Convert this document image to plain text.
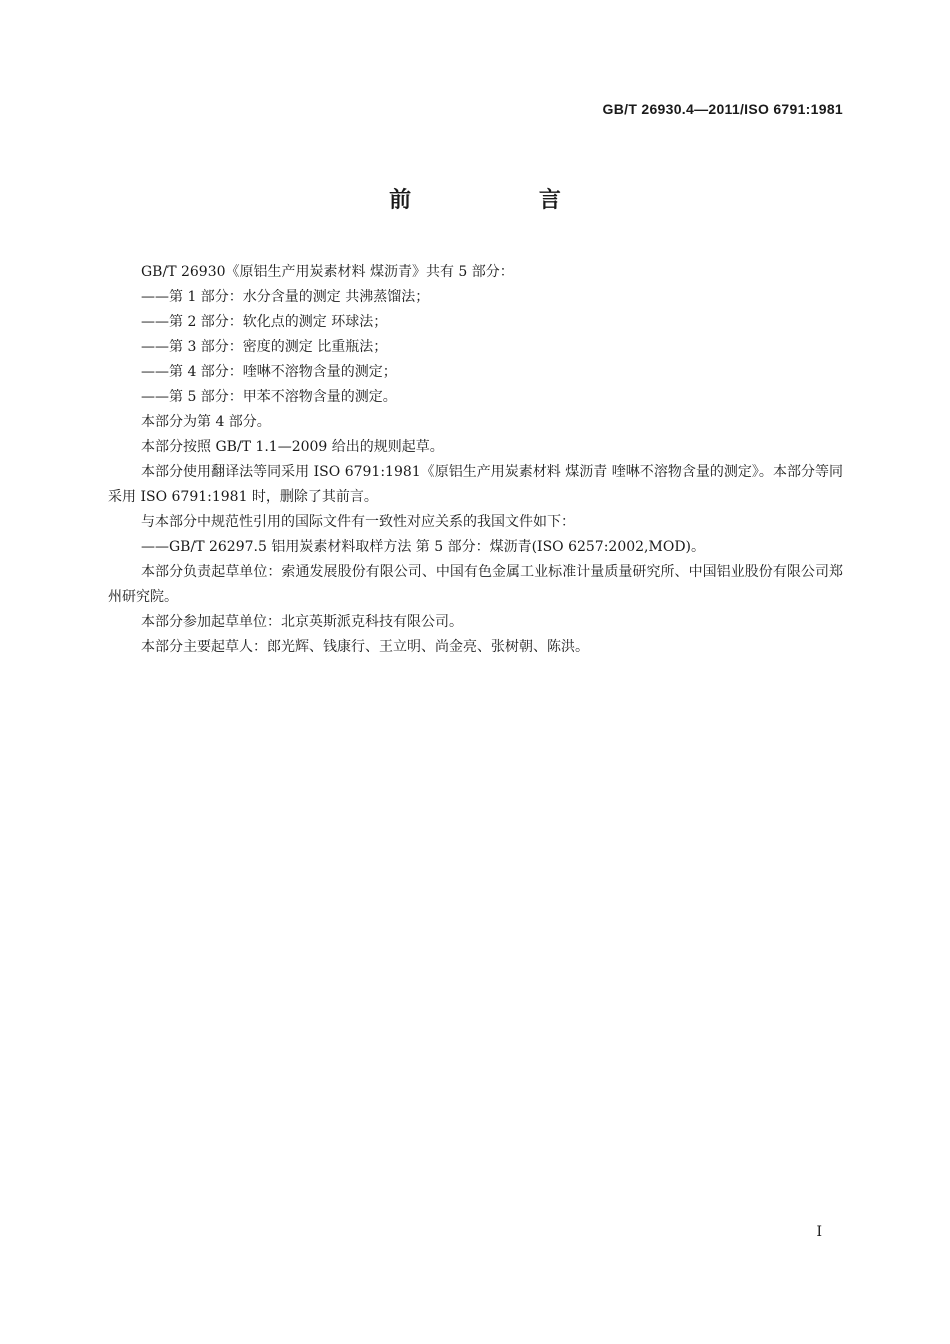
GB/T 26930.4—2011/ISO 6791:1981
前 言

GB/T 26930《原铝生产用炭素材料 煤沥青》共有 5 部分：

——第 1 部分：水分含量的测定 共沸蒸馏法；

——第 2 部分：软化点的测定 环球法；

——第 3 部分：密度的测定 比重瓶法；

——第 4 部分：喹啉不溶物含量的测定；

——第 5 部分：甲苯不溶物含量的测定。

本部分为第 4 部分。

本部分按照 GB/T 1.1—2009 给出的规则起草。

本部分使用翻译法等同采用 ISO 6791:1981《原铝生产用炭素材料 煤沥青 喹啉不溶物含量的测定》。本部分等同采用 ISO 6791:1981 时，删除了其前言。

与本部分中规范性引用的国际文件有一致性对应关系的我国文件如下：

——GB/T 26297.5 铝用炭素材料取样方法 第 5 部分：煤沥青(ISO 6257:2002,MOD)。

本部分负责起草单位：索通发展股份有限公司、中国有色金属工业标准计量质量研究所、中国铝业股份有限公司郑州研究院。

本部分参加起草单位：北京英斯派克科技有限公司。

本部分主要起草人：郎光辉、钱康行、王立明、尚金亮、张树朝、陈洪。

I
